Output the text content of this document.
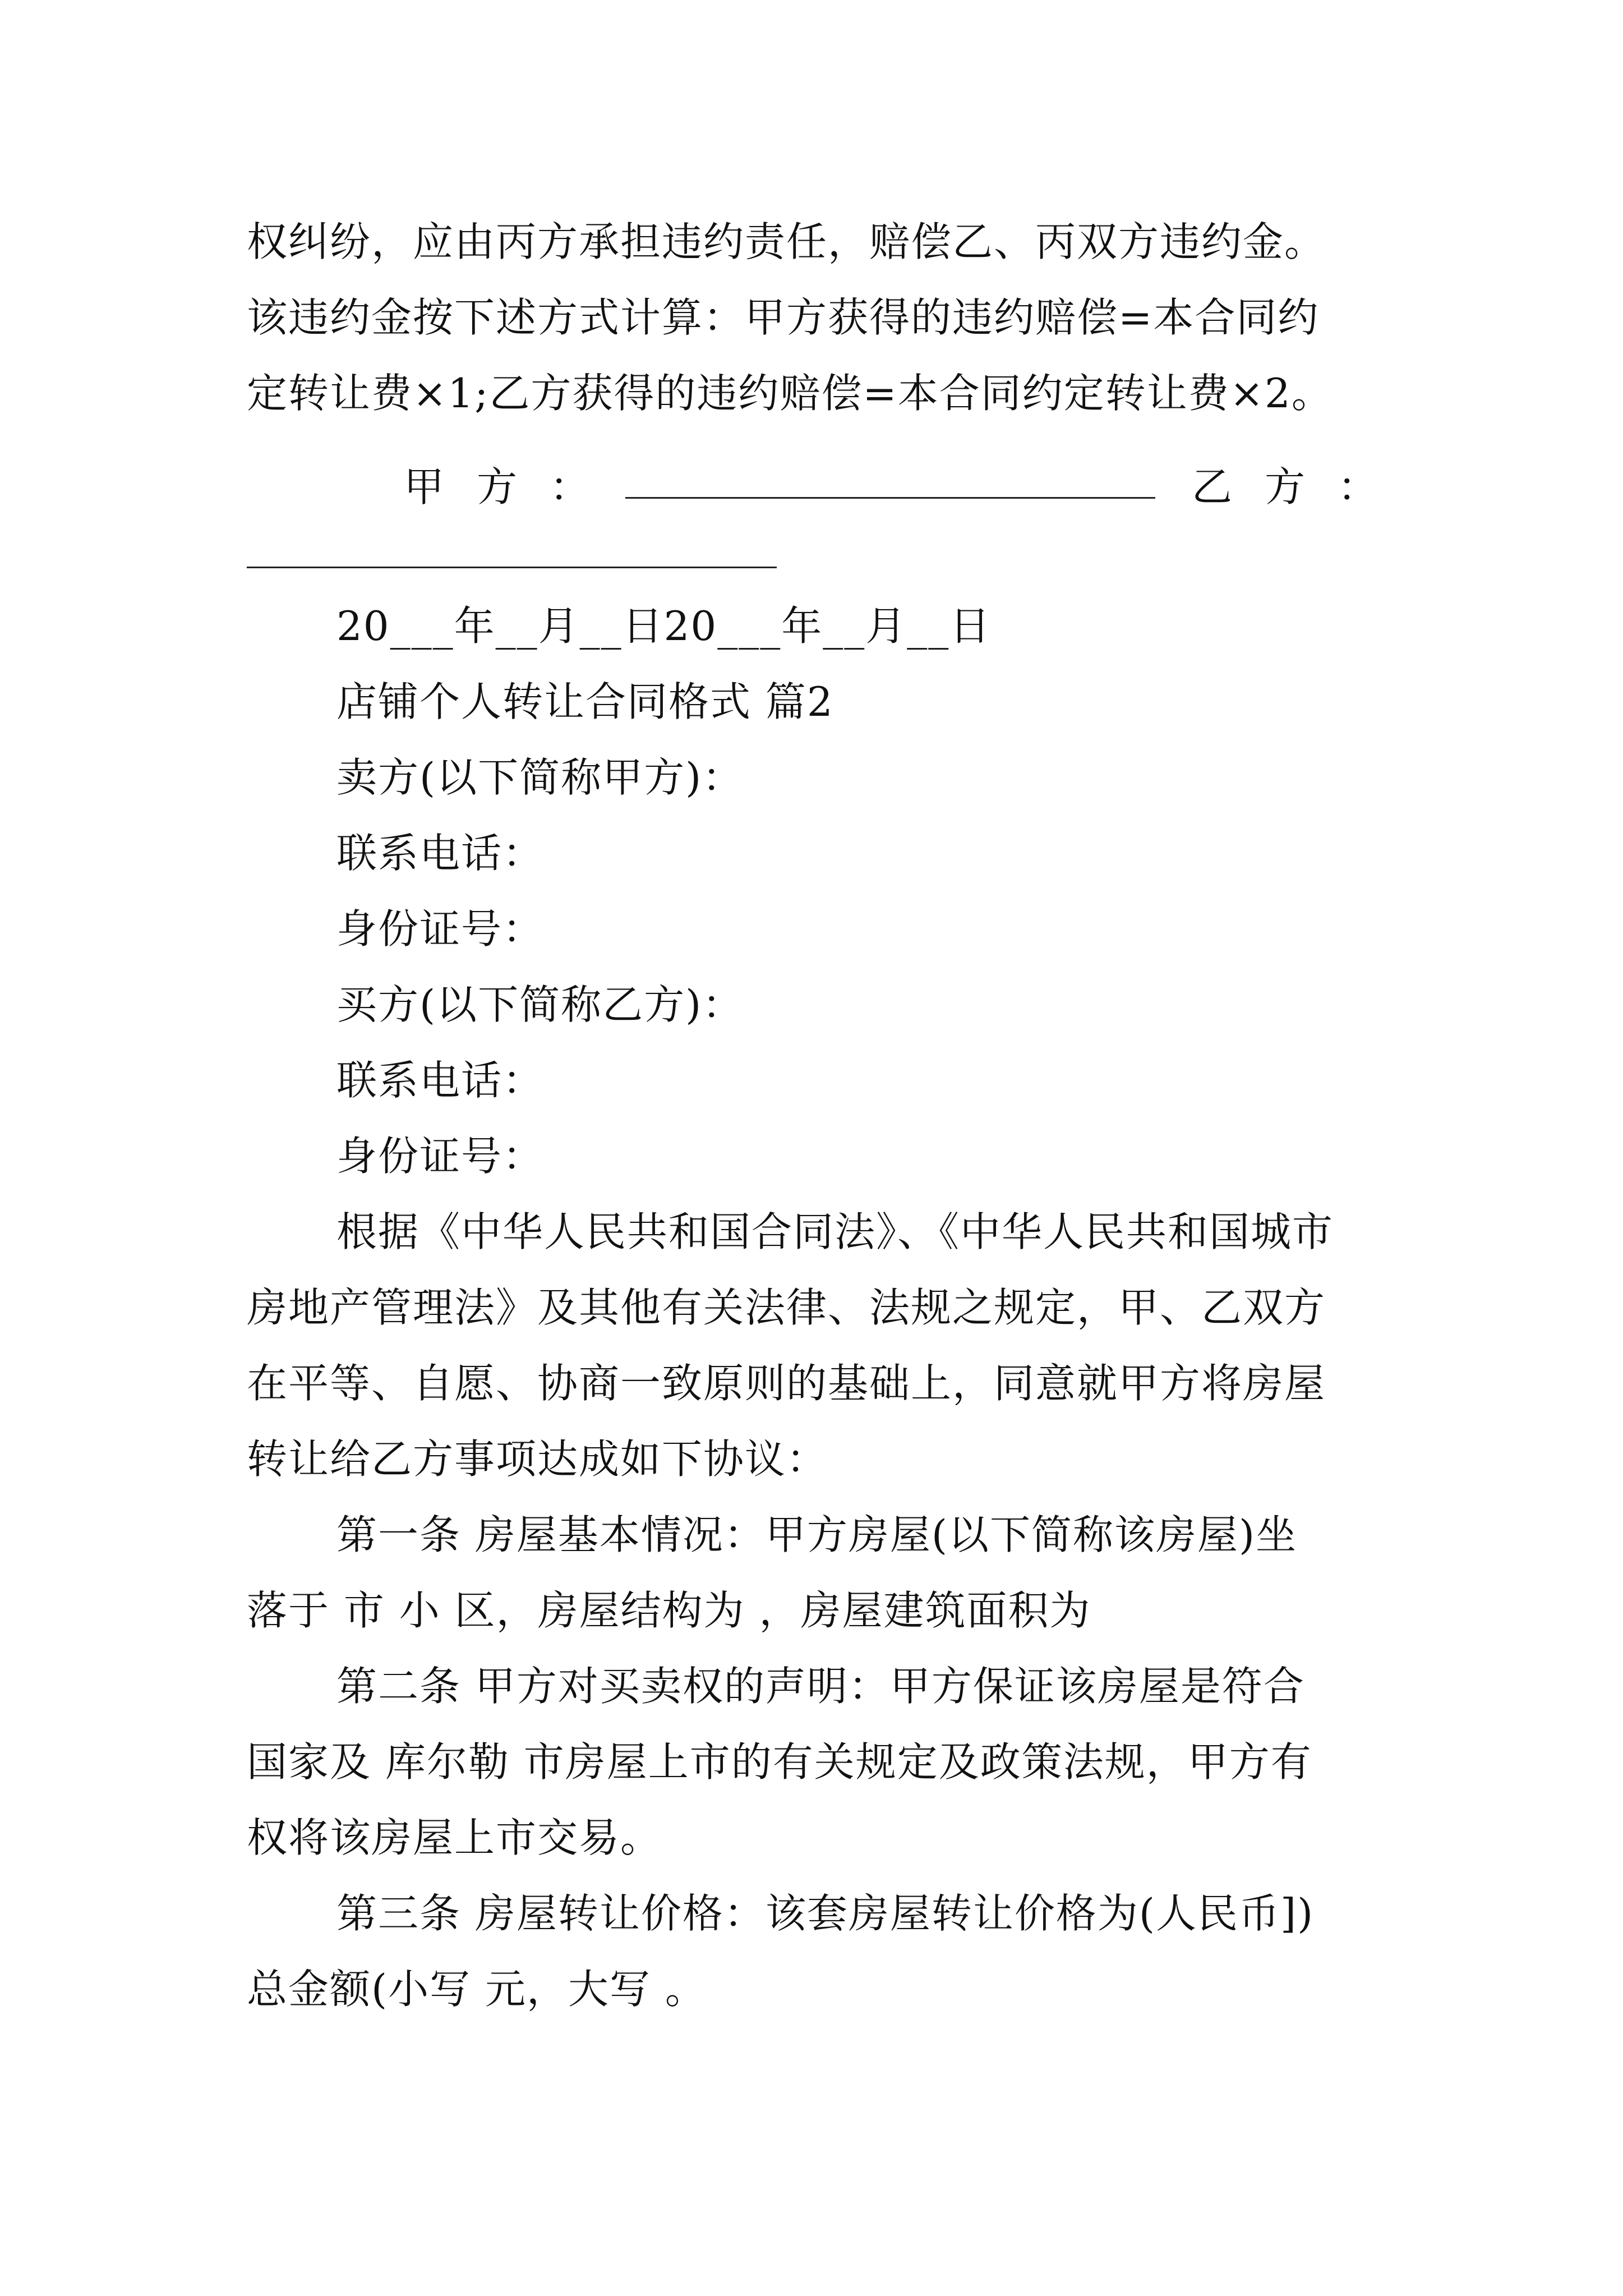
权纠纷，应由丙方承担违约责任，赔偿乙、丙双方违约金。
该违约金按下述方式计算：甲方获得的违约赔偿=本合同约
定转让费×1;乙方获得的违约赔偿=本合同约定转让费×2。
甲方：	乙方：
20___年__月__日20___年__月__日
店铺个人转让合同格式 篇2
卖方(以下简称甲方)：
联系电话：
身份证号：
买方(以下简称乙方)：
联系电话：
身份证号：
根据《中华人民共和国合同法》、《中华人民共和国城市
房地产管理法》及其他有关法律、法规之规定，甲、乙双方
在平等、自愿、协商一致原则的基础上，同意就甲方将房屋
转让给乙方事项达成如下协议：
第一条 房屋基本情况：甲方房屋(以下简称该房屋)坐
落于 市 小 区，房屋结构为 ，房屋建筑面积为
第二条 甲方对买卖权的声明：甲方保证该房屋是符合
国家及 库尔勒 市房屋上市的有关规定及政策法规，甲方有
权将该房屋上市交易。
第三条 房屋转让价格：该套房屋转让价格为(人民币])
总金额(小写 元，大写 。
